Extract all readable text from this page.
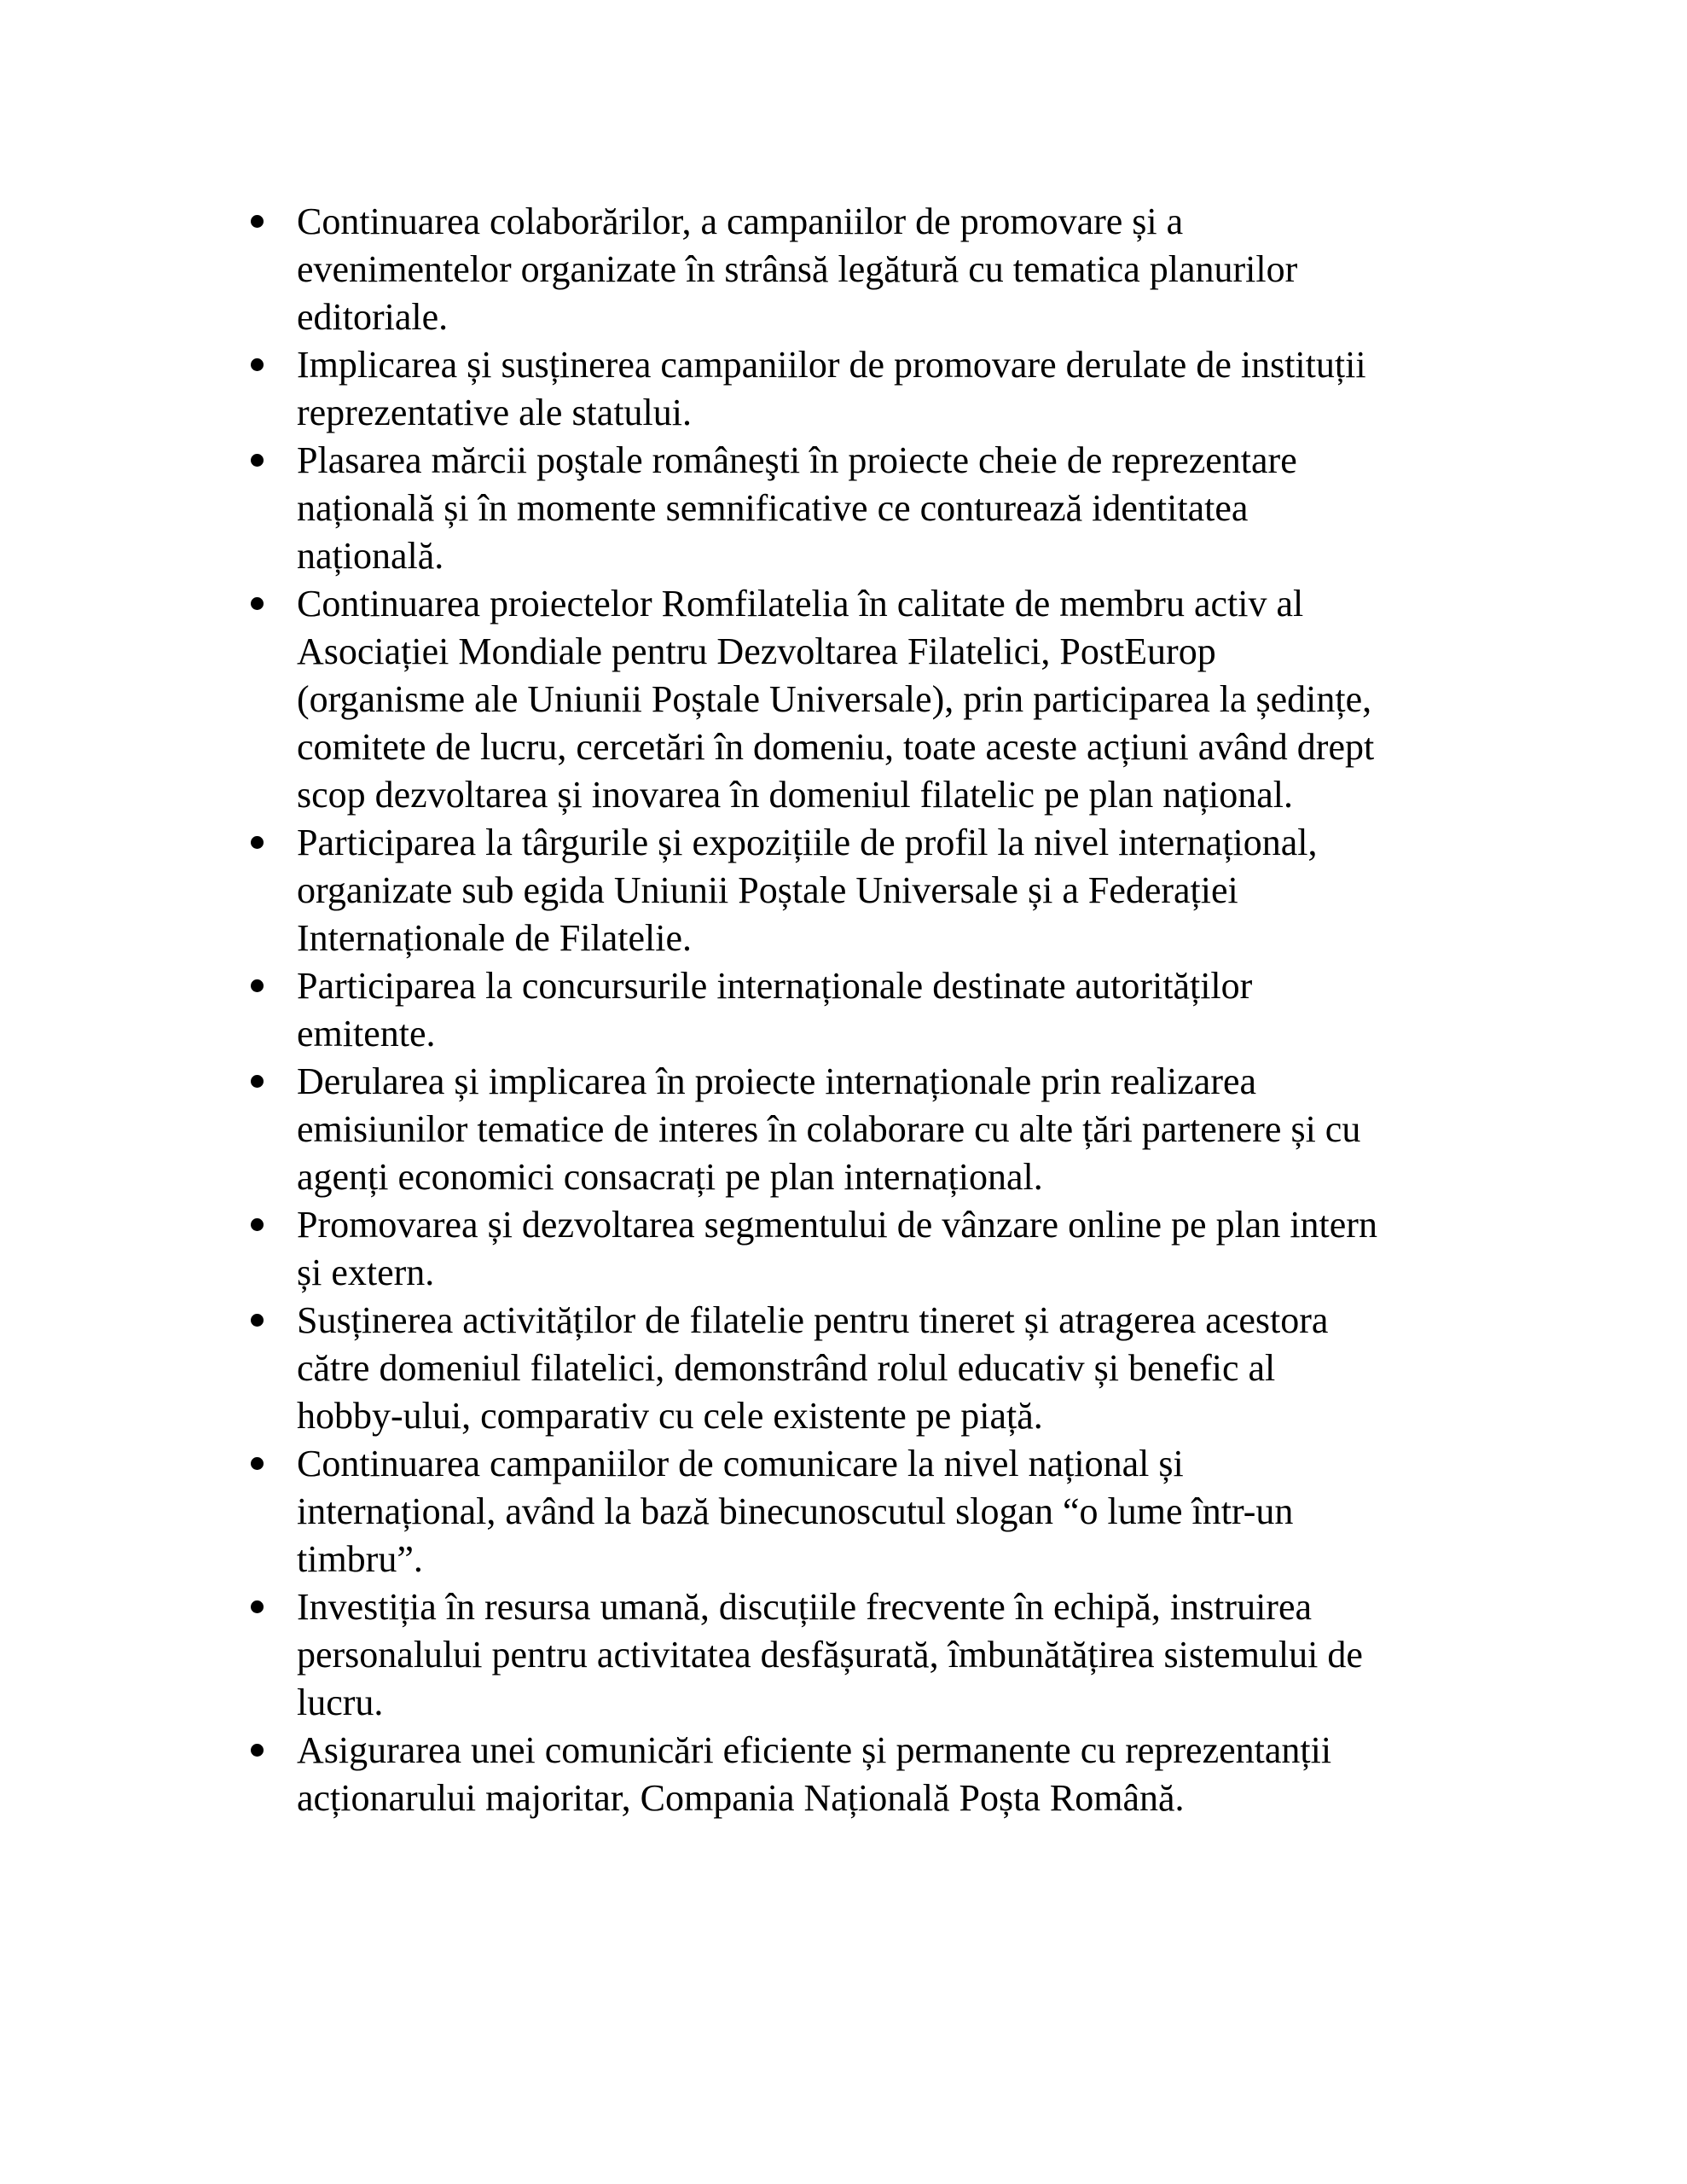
Continuarea colaborărilor, a campaniilor de promovare și a
evenimentelor organizate în strânsă legătură cu tematica planurilor
editoriale.
Implicarea și susținerea campaniilor de promovare derulate de instituții
reprezentative ale statului.
Plasarea mărcii poştale româneşti în proiecte cheie de reprezentare
națională și în momente semnificative ce conturează identitatea
națională.
Continuarea proiectelor Romfilatelia în calitate de membru activ al
Asociației Mondiale pentru Dezvoltarea Filatelici, PostEurop
(organisme ale Uniunii Poștale Universale), prin participarea la ședințe,
comitete de lucru, cercetări în domeniu, toate aceste acțiuni având drept
scop dezvoltarea și inovarea în domeniul filatelic pe plan național.
Participarea la târgurile și expozițiile de profil la nivel internațional,
organizate sub egida Uniunii Poștale Universale și a Federației
Internaționale de Filatelie.
Participarea la concursurile internaționale destinate autorităților
emitente.
Derularea și implicarea în proiecte internaționale prin realizarea
emisiunilor tematice de interes în colaborare cu alte țări partenere și cu
agenți economici consacrați pe plan internațional.
Promovarea și dezvoltarea segmentului de vânzare online pe plan intern
și extern.
Susținerea activităților de filatelie pentru tineret și atragerea acestora
către domeniul filatelici, demonstrând rolul educativ și benefic al
hobby-ului, comparativ cu cele existente pe piață.
Continuarea campaniilor de comunicare la nivel național și
internațional, având la bază binecunoscutul slogan “o lume într-un
timbru”.
Investiția în resursa umană, discuțiile frecvente în echipă, instruirea
personalului pentru activitatea desfășurată, îmbunătățirea sistemului de
lucru.
Asigurarea unei comunicări eficiente și permanente cu reprezentanții
acționarului majoritar, Compania Națională Poșta Română.
